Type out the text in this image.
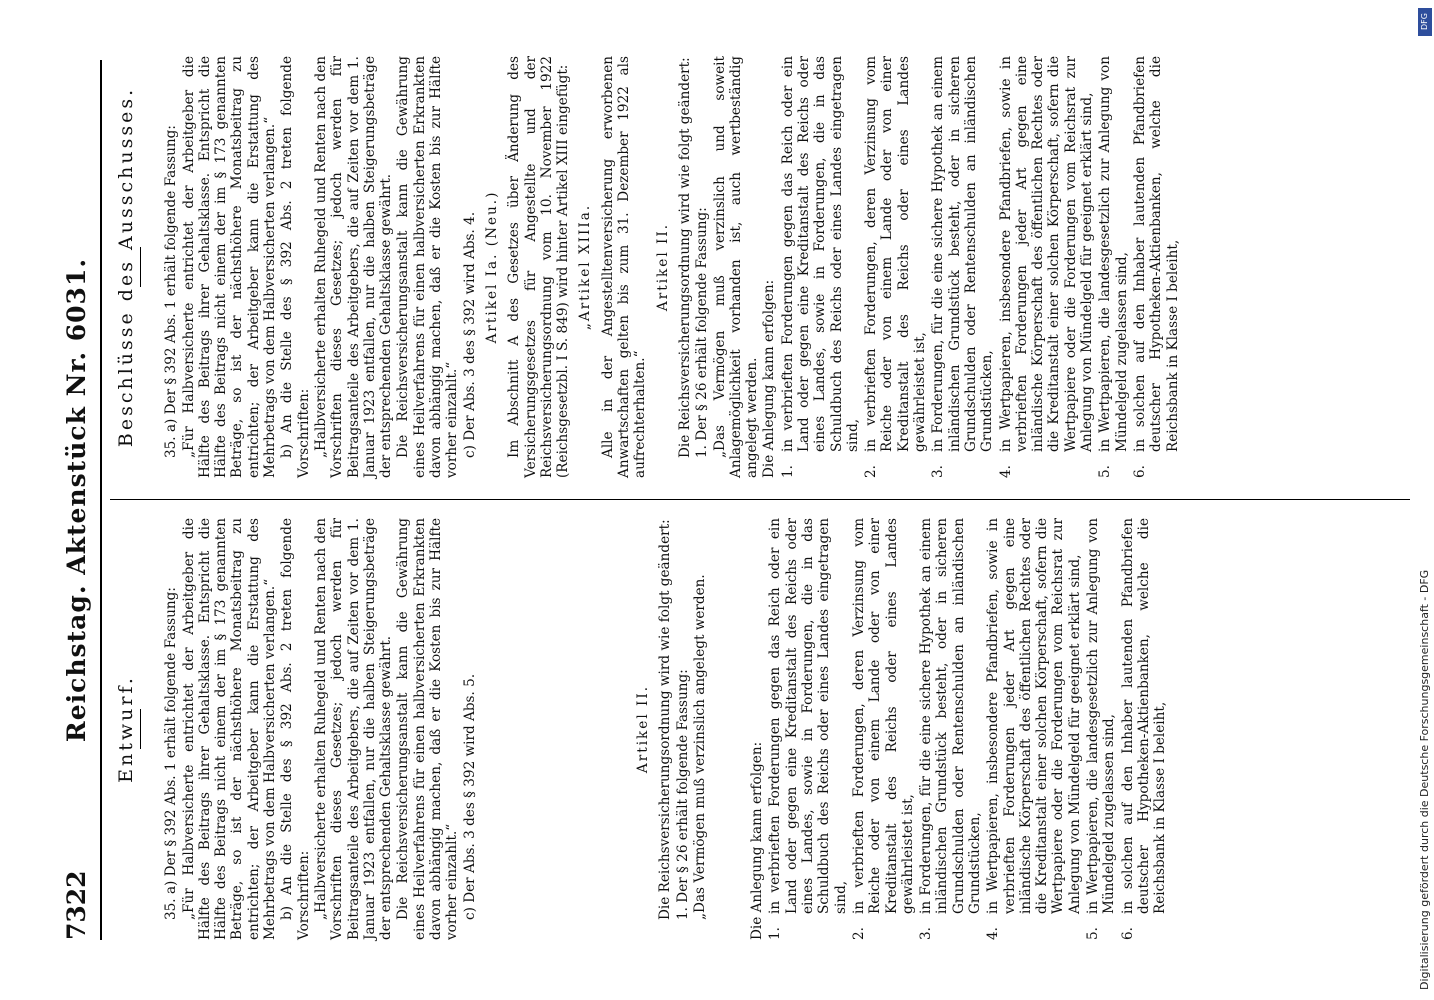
7322
Reichstag. Aktenstück Nr. 6031. Entwurf. 35. a) Der § 392 Abs. 1 erhält folgende Fassung: „Für Halbversicherte entrichtet der Arbeitgeber die Hälfte des Beitrags ihrer Gehaltsklasse. Entspricht die Hälfte des Beitrags nicht einem der im § 173 genannten Beträge, so ist der nächsthöhere Monatsbeitrag zu entrichten; der Arbeitgeber kann die Erstattung des Mehrbetrags von dem Halbversicherten verlangen.“ b) An die Stelle des § 392 Abs. 2 treten folgende Vorschriften: „Halbversicherte erhalten Ruhegeld und Renten nach den Vorschriften dieses Gesetzes; jedoch werden für Beitragsanteile des Arbeitgebers, die auf Zeiten vor dem 1. Januar 1923 entfallen, nur die halben Steigerungsbeträge der entsprechenden Gehaltsklasse gewährt. Die Reichsversicherungsanstalt kann die Gewährung eines Heilverfahrens für einen halbversicherten Erkrankten davon abhängig machen, daß er die Kosten bis zur Hälfte vorher einzahlt.“ c) Der Abs. 3 des § 392 wird Abs. 5.	Artikel II. Die Reichsversicherungsordnung wird wie folgt geändert: 1. Der § 26 erhält folgende Fassung: „Das Vermögen muß verzinslich angelegt werden.	Die Anlegung kann erfolgen: 1.
in verbrieften Forderungen gegen das Reich oder ein Land oder gegen eine Kreditanstalt des Reichs oder eines Landes, sowie in Forderungen, die in das Schuldbuch des Reichs oder eines Landes eingetragen sind,
2.
in verbrieften Forderungen, deren Verzinsung vom Reiche oder von einem Lande oder von einer Kreditanstalt des Reichs oder eines Landes gewährleistet ist,
3.
in Forderungen, für die eine sichere Hypothek an einem inländischen Grundstück besteht, oder in sicheren Grundschulden oder Rentenschulden an inländischen Grundstücken,
4.
in Wertpapieren, insbesondere Pfandbriefen, sowie in verbrieften Forderungen jeder Art gegen eine inländische Körperschaft des öffentlichen Rechtes oder die Kreditanstalt einer solchen Körperschaft, sofern die Wertpapiere oder die Forderungen vom Reichsrat zur Anlegung von Mündelgeld für geeignet erklärt sind,
5.
in Wertpapieren, die landesgesetzlich zur Anlegung von Mündelgeld zugelassen sind,
6.
in solchen auf den Inhaber lautenden Pfandbriefen deutscher Hypotheken-Aktienbanken, welche die Reichsbank in Klasse I beleiht,
Beschlüsse des Ausschusses. 35. a) Der § 392 Abs. 1 erhält folgende Fassung: „Für Halbversicherte entrichtet der Arbeitgeber die Hälfte des Beitrags ihrer Gehaltsklasse. Entspricht die Hälfte des Beitrags nicht einem der im § 173 genannten Beträge, so ist der nächsthöhere Monatsbeitrag zu entrichten; der Arbeitgeber kann die Erstattung des Mehrbetrags von dem Halbversicherten verlangen.“ b) An die Stelle des § 392 Abs. 2 treten folgende Vorschriften: „Halbversicherte erhalten Ruhegeld und Renten nach den Vorschriften dieses Gesetzes; jedoch werden für Beitragsanteile des Arbeitgebers, die auf Zeiten vor dem 1. Januar 1923 entfallen, nur die halben Steigerungsbeträge der entsprechenden Gehaltsklasse gewährt. Die Reichsversicherungsanstalt kann die Gewährung eines Heilverfahrens für einen halbversicherten Erkrankten davon abhängig machen, daß er die Kosten bis zur Hälfte vorher einzahlt.“ c) Der Abs. 3 des § 392 wird Abs. 4. Artikel Ia. (Neu.) Im Abschnitt A des Gesetzes über Änderung des Versicherungsgesetzes für Angestellte und der Reichsversicherungsordnung vom 10. November 1922 (Reichsgesetzbl. I S. 849) wird hinter Artikel XIII eingefügt: „Artikel XIIIa. Alle in der Angestelltenversicherung erworbenen Anwartschaften gelten bis zum 31. Dezember 1922 als aufrechterhalten.“

Artikel II. Die Reichsversicherungsordnung wird wie folgt geändert: 1. Der § 26 erhält folgende Fassung: „Das Vermögen muß verzinslich und soweit Anlagemöglichkeit vorhanden ist, auch wertbeständig angelegt werden. Die Anlegung kann erfolgen: 1.
in verbrieften Forderungen gegen das Reich oder ein Land oder gegen eine Kreditanstalt des Reichs oder eines Landes, sowie in Forderungen, die in das Schuldbuch des Reichs oder eines Landes eingetragen sind,
2.
in verbrieften Forderungen, deren Verzinsung vom Reiche oder von einem Lande oder von einer Kreditanstalt des Reichs oder eines Landes gewährleistet ist,
3.
in Forderungen, für die eine sichere Hypothek an einem inländischen Grundstück besteht, oder in sicheren Grundschulden oder Rentenschulden an inländischen Grundstücken,
4.
in Wertpapieren, insbesondere Pfandbriefen, sowie in verbrieften Forderungen jeder Art gegen eine inländische Körperschaft des öffentlichen Rechtes oder die Kreditanstalt einer solchen Körperschaft, sofern die Wertpapiere oder die Forderungen vom Reichsrat zur Anlegung von Mündelgeld für geeignet erklärt sind,
5.
in Wertpapieren, die landesgesetzlich zur Anlegung von Mündelgeld zugelassen sind,
6.
in solchen auf den Inhaber lautenden Pfandbriefen deutscher Hypotheken-Aktienbanken, welche die Reichsbank in Klasse I beleiht,
DFG
Digitalisierung gefördert durch die Deutsche Forschungsgemeinschaft - DFG
